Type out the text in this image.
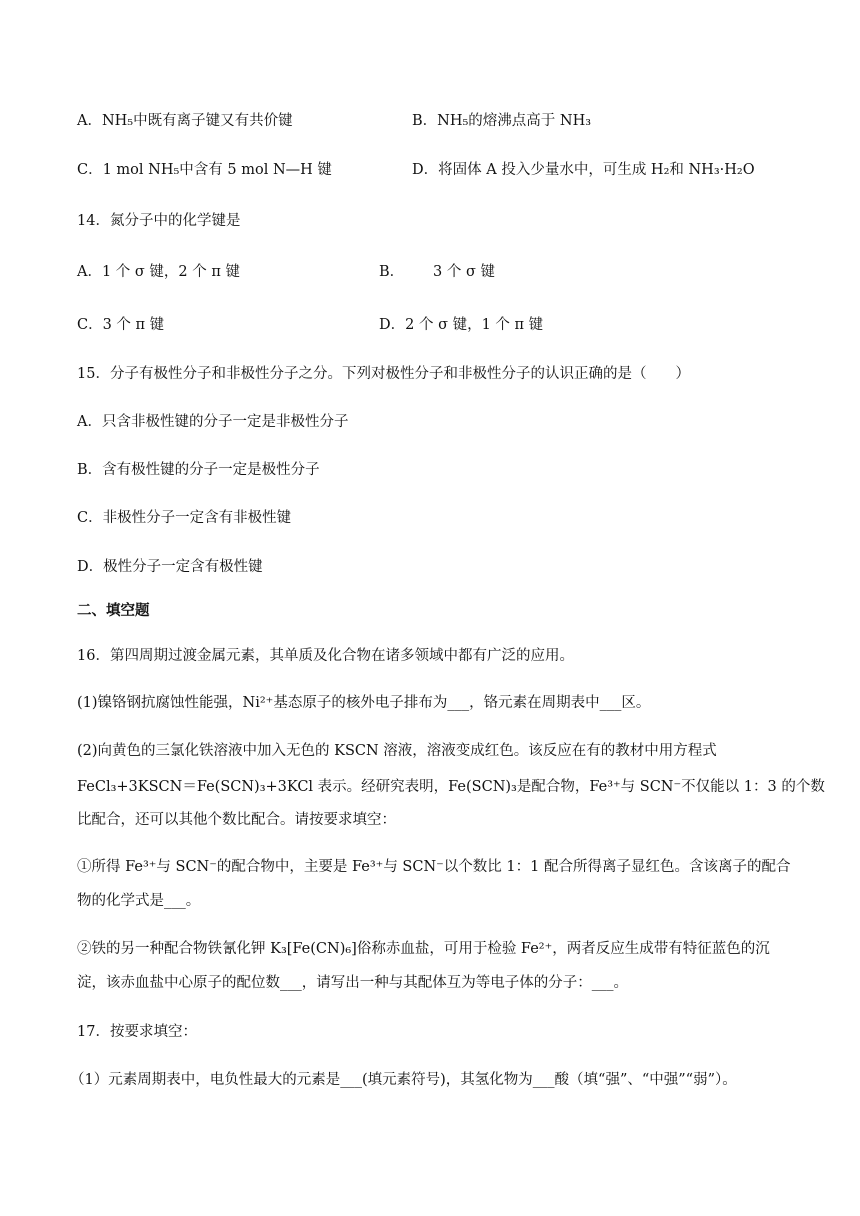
A．NH₅中既有离子键又有共价键	B．NH₅的熔沸点高于 NH₃
C．1 mol NH₅中含有 5 mol N—H 键	D．将固体 A 投入少量水中，可生成 H₂和 NH₃·H₂O
14．氮分子中的化学键是
A．1 个 σ 键，2 个 π 键	B． 3 个 σ 键
C．3 个 π 键	D．2 个 σ 键，1 个 π 键
15．分子有极性分子和非极性分子之分。下列对极性分子和非极性分子的认识正确的是（　　）
A．只含非极性键的分子一定是非极性分子
B．含有极性键的分子一定是极性分子
C．非极性分子一定含有非极性键
D．极性分子一定含有极性键
二、填空题
16．第四周期过渡金属元素，其单质及化合物在诸多领域中都有广泛的应用。
(1)镍铬钢抗腐蚀性能强，Ni²⁺基态原子的核外电子排布为___，铬元素在周期表中___区。
(2)向黄色的三氯化铁溶液中加入无色的 KSCN 溶液，溶液变成红色。该反应在有的教材中用方程式
FeCl₃+3KSCN＝Fe(SCN)₃+3KCl 表示。经研究表明，Fe(SCN)₃是配合物，Fe³⁺与 SCN⁻不仅能以 1：3 的个数
比配合，还可以其他个数比配合。请按要求填空：
①所得 Fe³⁺与 SCN⁻的配合物中，主要是 Fe³⁺与 SCN⁻以个数比 1：1 配合所得离子显红色。含该离子的配合
物的化学式是___。
②铁的另一种配合物铁氰化钾 K₃[Fe(CN)₆]俗称赤血盐，可用于检验 Fe²⁺，两者反应生成带有特征蓝色的沉
淀，该赤血盐中心原子的配位数___，请写出一种与其配体互为等电子体的分子：___。
17．按要求填空：
（1）元素周期表中，电负性最大的元素是___(填元素符号)，其氢化物为___酸（填“强”、“中强”“弱”）。
